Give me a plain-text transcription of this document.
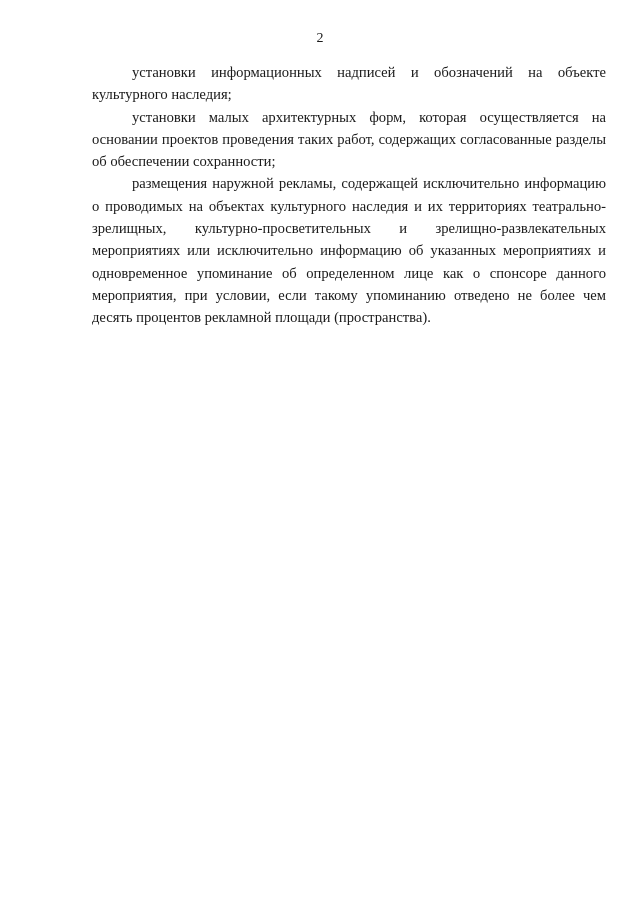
2

установки информационных надписей и обозначений на объекте культурного наследия;

установки малых архитектурных форм, которая осуществляется на основании проектов проведения таких работ, содержащих согласованные разделы об обеспечении сохранности;

размещения наружной рекламы, содержащей исключительно информацию о проводимых на объектах культурного наследия и их территориях театрально-зрелищных, культурно-просветительных и зрелищно-развлекательных мероприятиях или исключительно информацию об указанных мероприятиях и одновременное упоминание об определенном лице как о спонсоре данного мероприятия, при условии, если такому упоминанию отведено не более чем десять процентов рекламной площади (пространства).
